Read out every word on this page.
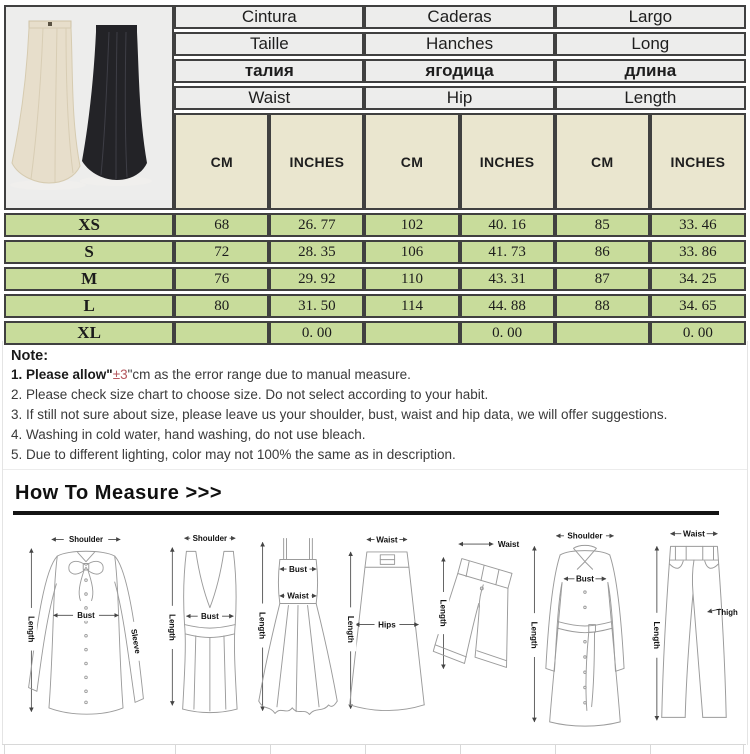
	Cintura		Caderas		Largo	
	Taille		Hanches		Long	
	талия		ягодица		длина	
	Waist		Hip		Length	
	CM	INCHES	CM	INCHES	CM	INCHES
XS	68	26. 77	102	40. 16	85	33. 46
S	72	28. 35	106	41. 73	86	33. 86
M	76	29. 92	110	43. 31	87	34. 25
L	80	31. 50	114	44. 88	88	34. 65
XL		0. 00		0. 00		0. 00
Note:
1. Please allow"±3"cm as the error range due to manual measure.
2. Please check size chart to choose size. Do not select according to your habit.
3. If still not sure about size, please leave us your shoulder, bust, waist and hip data, we will offer suggestions.
4. Washing in cold water, hand washing, do not use bleach.
5. Due to different lighting, color may not 100% the same as in description.
How To Measure >>>
Shoulder
Bust
Length	Sleeve
Shoulder
Bust
Length
Bust
Waist
Length
Waist
Hips
Length
Waist
Length
Shoulder
Bust
Length
Waist
Thigh
Length
